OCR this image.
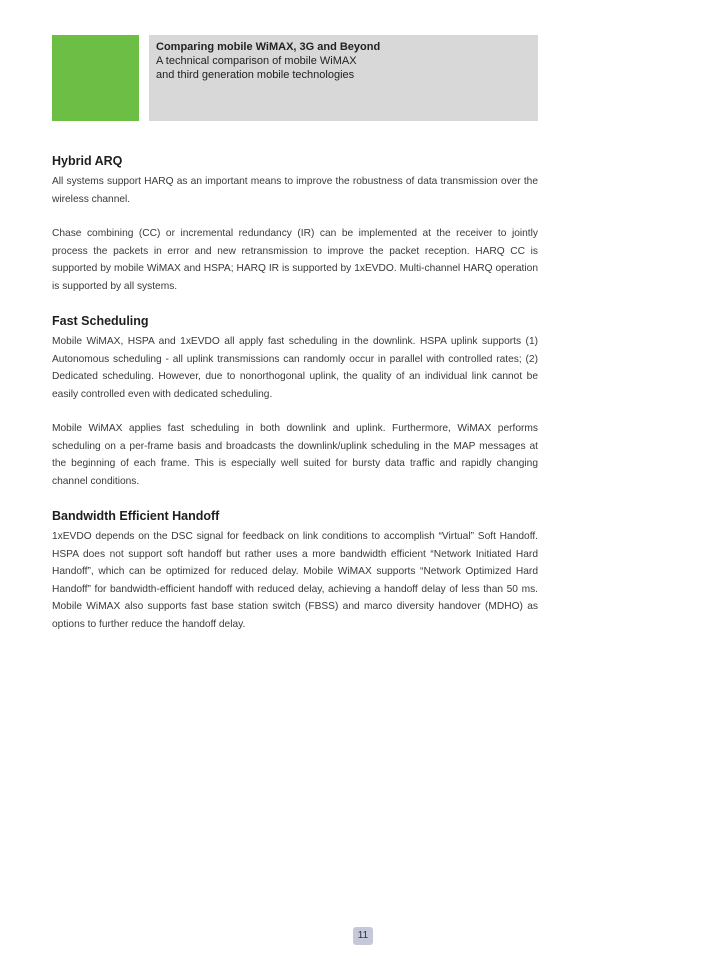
Comparing mobile WiMAX, 3G and Beyond
A technical comparison of mobile WiMAX
and third generation mobile technologies
Hybrid ARQ

All systems support HARQ as an important means to improve the robustness of data transmission over the wireless channel.

Chase combining (CC) or incremental redundancy (IR) can be implemented at the receiver to jointly process the packets in error and new retransmission to improve the packet reception. HARQ CC is supported by mobile WiMAX and HSPA; HARQ IR is supported by 1xEVDO. Multi-channel HARQ operation is supported by all systems.

Fast Scheduling

Mobile WiMAX, HSPA and 1xEVDO all apply fast scheduling in the downlink. HSPA uplink supports (1) Autonomous scheduling - all uplink transmissions can randomly occur in parallel with controlled rates; (2) Dedicated scheduling. However, due to nonorthogonal uplink, the quality of an individual link cannot be easily controlled even with dedicated scheduling.

Mobile WiMAX applies fast scheduling in both downlink and uplink. Furthermore, WiMAX performs scheduling on a per-frame basis and broadcasts the downlink/uplink scheduling in the MAP messages at the beginning of each frame. This is especially well suited for bursty data traffic and rapidly changing channel conditions.

Bandwidth Efficient Handoff

1xEVDO depends on the DSC signal for feedback on link conditions to accomplish “Virtual” Soft Handoff. HSPA does not support soft handoff but rather uses a more bandwidth efficient “Network Initiated Hard Handoff”, which can be optimized for reduced delay. Mobile WiMAX supports “Network Optimized Hard Handoff” for bandwidth-efficient handoff with reduced delay, achieving a handoff delay of less than 50 ms. Mobile WiMAX also supports fast base station switch (FBSS) and marco diversity handover (MDHO) as options to further reduce the handoff delay.

11
